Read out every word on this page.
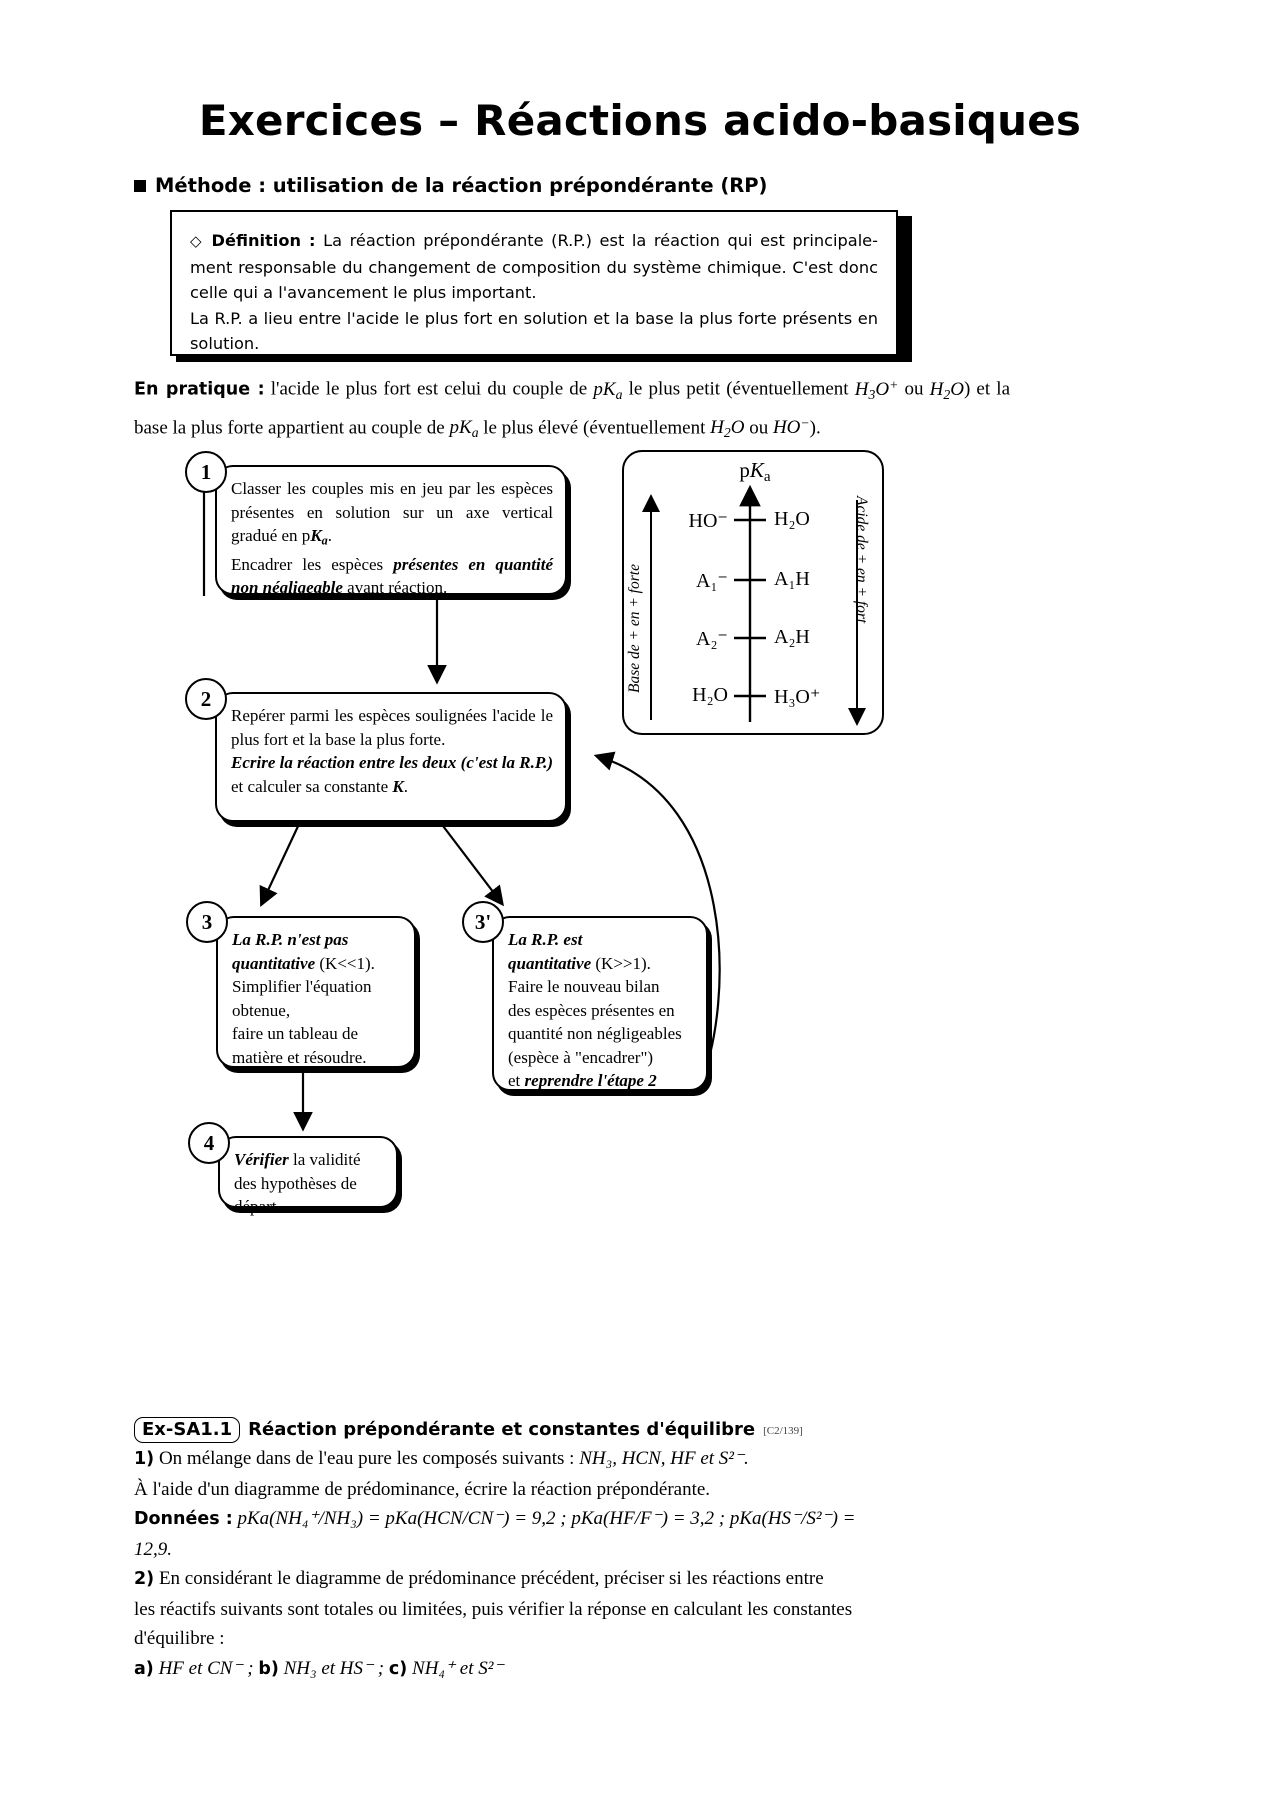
Exercices – Réactions acido-basiques
Méthode : utilisation de la réaction prépondérante (RP)
◇ Définition : La réaction prépondérante (R.P.) est la réaction qui est principale- ment responsable du changement de composition du système chimique. C'est donc celle qui a l'avancement le plus important.
La R.P. a lieu entre l'acide le plus fort en solution et la base la plus forte présents en solution.
En pratique : l'acide le plus fort est celui du couple de $pK_a$ le plus petit (éventuellement $H_3O^+$ ou $H_2O$) et la base la plus forte appartient au couple de $pK_a$ le plus élevé (éventuellement $H_2O$ ou HO−).
1
Classer les couples mis en jeu par les espèces présentes en solution sur un axe vertical gradué en $pK_a$.
Encadrer les espèces présentes en quantité non négligeable avant réaction.
2
Repérer parmi les espèces soulignées l'acide le plus fort et la base la plus forte.
Ecrire la réaction entre les deux (c'est la R.P.) et calculer sa constante K.
3
La R.P. n'est pas
quantitative (K<<1).
Simplifier l'équation
obtenue,
faire un tableau de
matière et résoudre.
3'
La R.P. est
quantitative (K>>1).
Faire le nouveau bilan
des espèces présentes en
quantité non négligeables
(espèce à "encadrer")
et reprendre l'étape 2
4
Vérifier la validité
des hypothèses de
départ.
$pK_a$
Base de + en + forte
Acide de + en + fort
HO⁻ H₂O
A₁⁻ A₁H
A₂⁻ A₂H
H₂O H₃O⁺
Ex-SA1.1 Réaction prépondérante et constantes d'équilibre [C2/139]

1) On mélange dans de l'eau pure les composés suivants : NH₃, HCN, HF et S²⁻.

À l'aide d'un diagramme de prédominance, écrire la réaction prépondérante.

Données : pKa(NH₄⁺/NH₃) = pKa(HCN/CN⁻) = 9,2 ; pKa(HF/F⁻) = 3,2 ; pKa(HS⁻/S²⁻) =

12,9.

2) En considérant le diagramme de prédominance précédent, préciser si les réactions entre

les réactifs suivants sont totales ou limitées, puis vérifier la réponse en calculant les constantes

d'équilibre :

a) HF et CN⁻ ; b) NH₃ et HS⁻ ; c) NH₄⁺ et S²⁻
